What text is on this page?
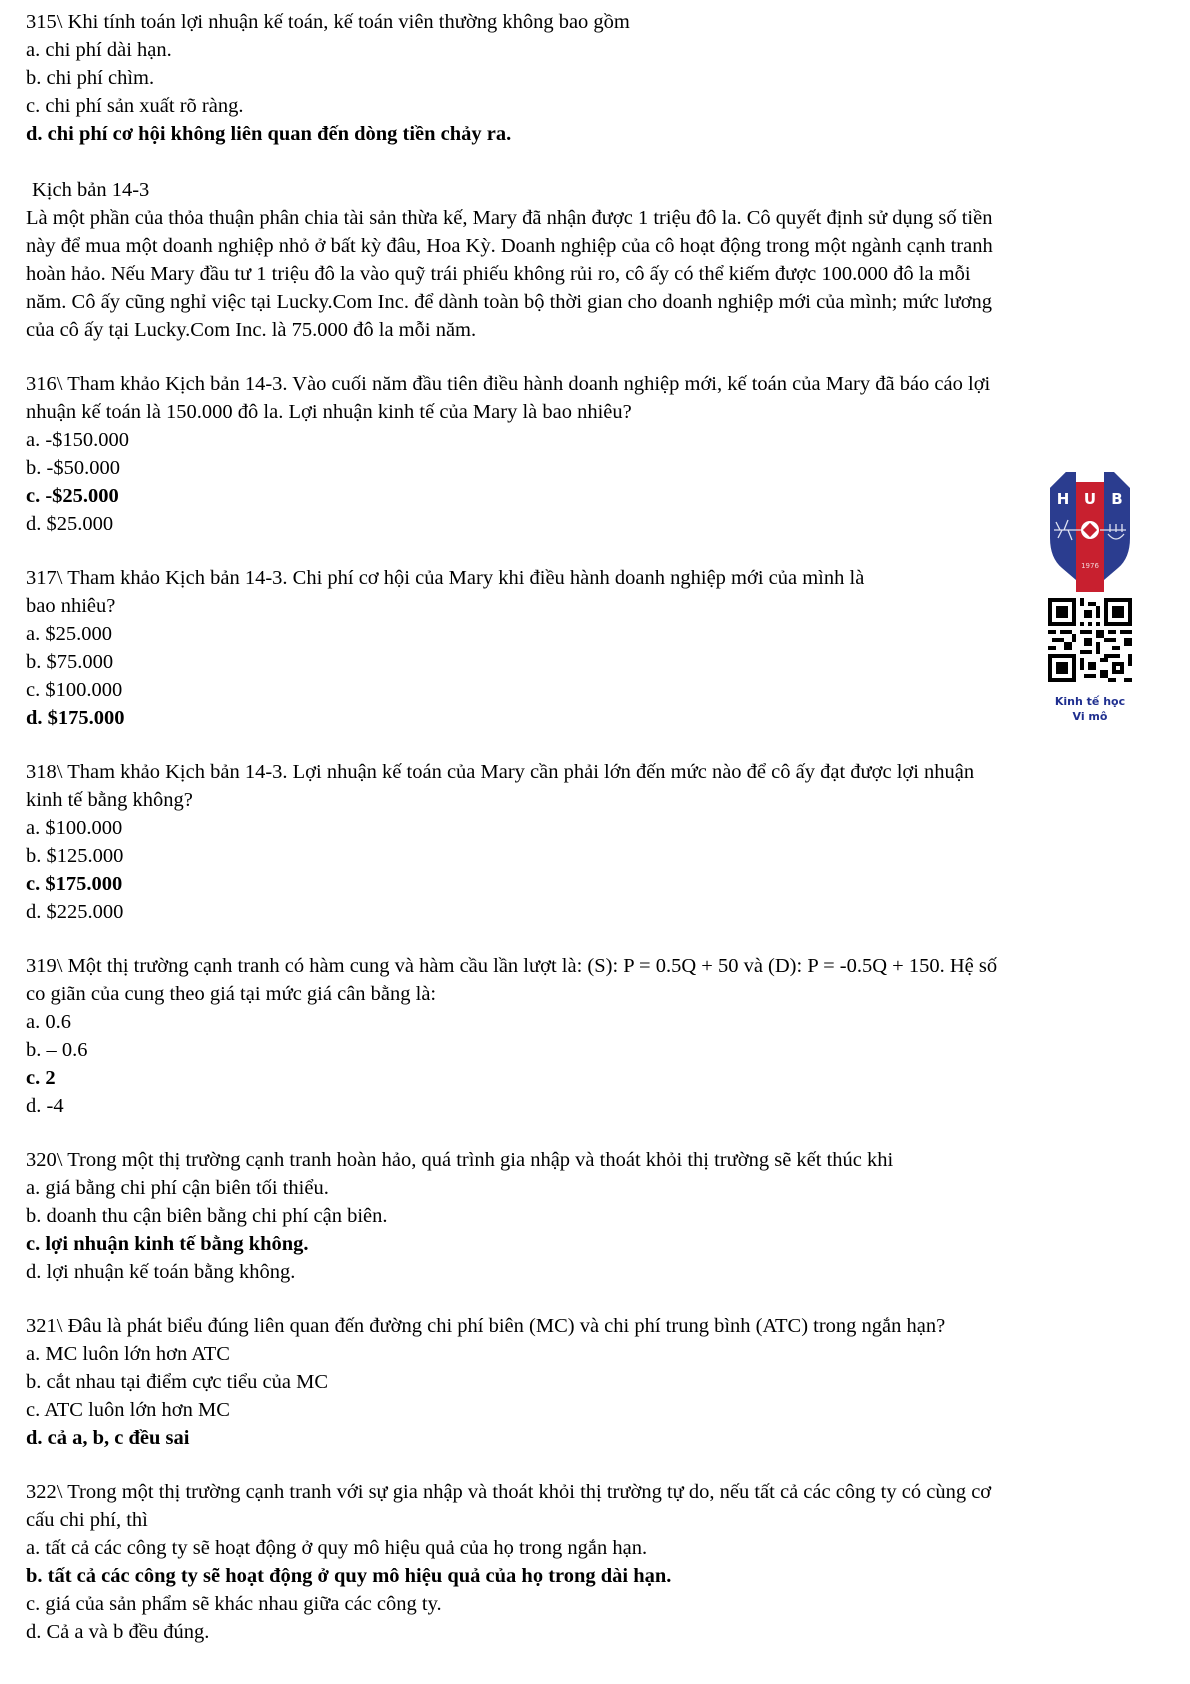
315\ Khi tính toán lợi nhuận kế toán, kế toán viên thường không bao gồm
a. chi phí dài hạn.
b. chi phí chìm.
c. chi phí sản xuất rõ ràng.
d. chi phí cơ hội không liên quan đến dòng tiền chảy ra.
Kịch bản 14-3
Là một phần của thỏa thuận phân chia tài sản thừa kế, Mary đã nhận được 1 triệu đô la. Cô quyết định sử dụng số tiền
này để mua một doanh nghiệp nhỏ ở bất kỳ đâu, Hoa Kỳ. Doanh nghiệp của cô hoạt động trong một ngành cạnh tranh
hoàn hảo. Nếu Mary đầu tư 1 triệu đô la vào quỹ trái phiếu không rủi ro, cô ấy có thể kiếm được 100.000 đô la mỗi
năm. Cô ấy cũng nghỉ việc tại Lucky.Com Inc. để dành toàn bộ thời gian cho doanh nghiệp mới của mình; mức lương
của cô ấy tại Lucky.Com Inc. là 75.000 đô la mỗi năm.
316\ Tham khảo Kịch bản 14-3. Vào cuối năm đầu tiên điều hành doanh nghiệp mới, kế toán của Mary đã báo cáo lợi
nhuận kế toán là 150.000 đô la. Lợi nhuận kinh tế của Mary là bao nhiêu?
a. -$150.000
b. -$50.000
c. -$25.000
d. $25.000
317\ Tham khảo Kịch bản 14-3. Chi phí cơ hội của Mary khi điều hành doanh nghiệp mới của mình là
bao nhiêu?
a. $25.000
b. $75.000
c. $100.000
d. $175.000
318\ Tham khảo Kịch bản 14-3. Lợi nhuận kế toán của Mary cần phải lớn đến mức nào để cô ấy đạt được lợi nhuận
kinh tế bằng không?
a. $100.000
b. $125.000
c. $175.000
d. $225.000
319\ Một thị trường cạnh tranh có hàm cung và hàm cầu lần lượt là: (S): P = 0.5Q + 50 và (D): P = -0.5Q + 150. Hệ số
co giãn của cung theo giá tại mức giá cân bằng là:
a. 0.6
b. – 0.6
c. 2
d. -4
320\ Trong một thị trường cạnh tranh hoàn hảo, quá trình gia nhập và thoát khỏi thị trường sẽ kết thúc khi
a. giá bằng chi phí cận biên tối thiểu.
b. doanh thu cận biên bằng chi phí cận biên.
c. lợi nhuận kinh tế bằng không.
d. lợi nhuận kế toán bằng không.
321\ Đâu là phát biểu đúng liên quan đến đường chi phí biên (MC) và chi phí trung bình (ATC) trong ngắn hạn?
a. MC luôn lớn hơn ATC
b. cắt nhau tại điểm cực tiểu của MC
c. ATC luôn lớn hơn MC
d. cả a, b, c đều sai
322\ Trong một thị trường cạnh tranh với sự gia nhập và thoát khỏi thị trường tự do, nếu tất cả các công ty có cùng cơ
cấu chi phí, thì
a. tất cả các công ty sẽ hoạt động ở quy mô hiệu quả của họ trong ngắn hạn.
b. tất cả các công ty sẽ hoạt động ở quy mô hiệu quả của họ trong dài hạn.
c. giá của sản phẩm sẽ khác nhau giữa các công ty.
d. Cả a và b đều đúng.
H U B
1976
Kinh tế học
Vi mô
